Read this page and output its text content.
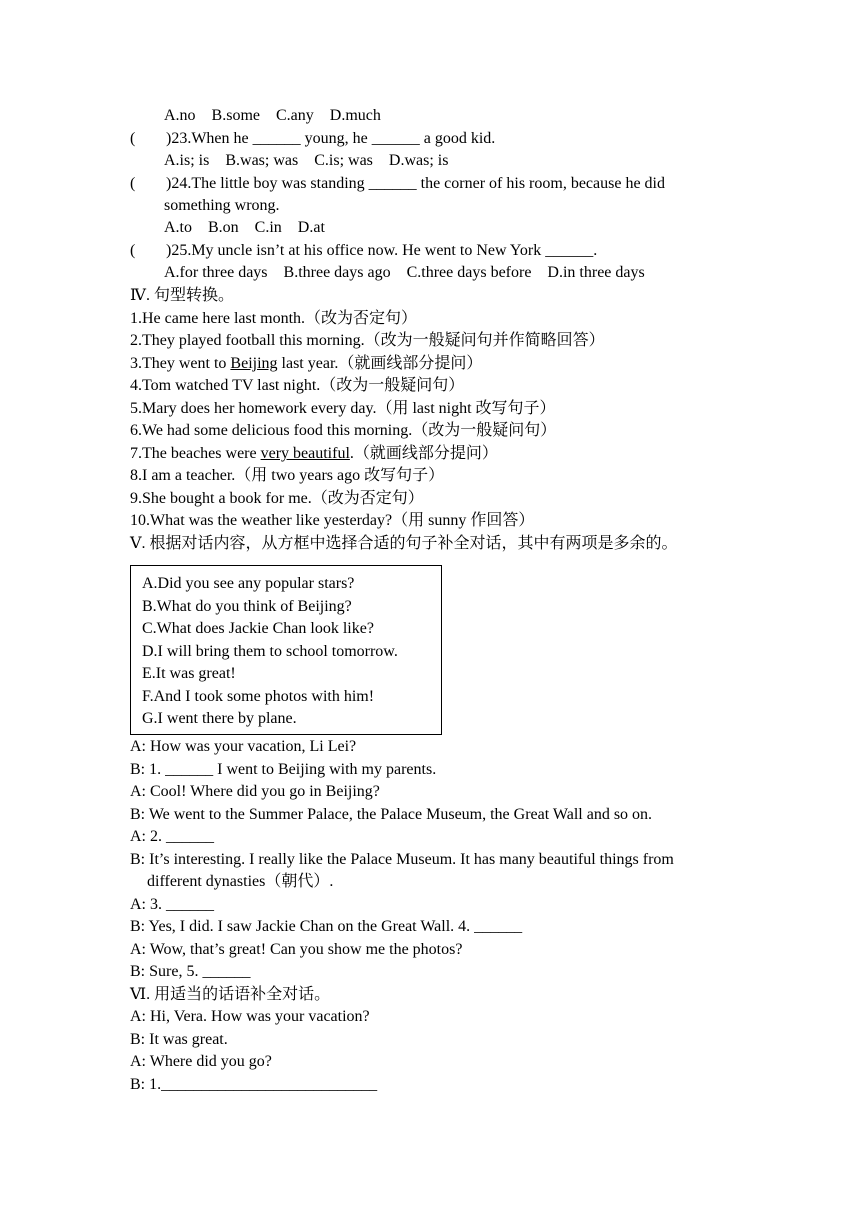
A.no    B.some    C.any    D.much
( )23.When he ______ young, he ______ a good kid.
A.is; is    B.was; was    C.is; was    D.was; is
( )24.The little boy was standing ______ the corner of his room, because he did
something wrong.
A.to    B.on    C.in    D.at
( )25.My uncle isn’t at his office now. He went to New York ______.
A.for three days    B.three days ago    C.three days before    D.in three days
Ⅳ. 句型转换。
1.He came here last month.（改为否定句）
2.They played football this morning.（改为一般疑问句并作简略回答）
3.They went to Beijing last year.（就画线部分提问）
4.Tom watched TV last night.（改为一般疑问句）
5.Mary does her homework every day.（用 last night 改写句子）
6.We had some delicious food this morning.（改为一般疑问句）
7.The beaches were very beautiful.（就画线部分提问）
8.I am a teacher.（用 two years ago 改写句子）
9.She bought a book for me.（改为否定句）
10.What was the weather like yesterday?（用 sunny 作回答）
Ⅴ. 根据对话内容，从方框中选择合适的句子补全对话，其中有两项是多余的。
A.Did you see any popular stars?
B.What do you think of Beijing?
C.What does Jackie Chan look like?
D.I will bring them to school tomorrow.
E.It was great!
F.And I took some photos with him!
G.I went there by plane.
A: How was your vacation, Li Lei?
B: 1. ______ I went to Beijing with my parents.
A: Cool! Where did you go in Beijing?
B: We went to the Summer Palace, the Palace Museum, the Great Wall and so on.
A: 2. ______
B: It’s interesting. I really like the Palace Museum. It has many beautiful things from
different dynasties（朝代）.
A: 3. ______
B: Yes, I did. I saw Jackie Chan on the Great Wall. 4. ______
A: Wow, that’s great! Can you show me the photos?
B: Sure, 5. ______
Ⅵ. 用适当的话语补全对话。
A: Hi, Vera. How was your vacation?
B: It was great.
A: Where did you go?
B: 1.___________________________
